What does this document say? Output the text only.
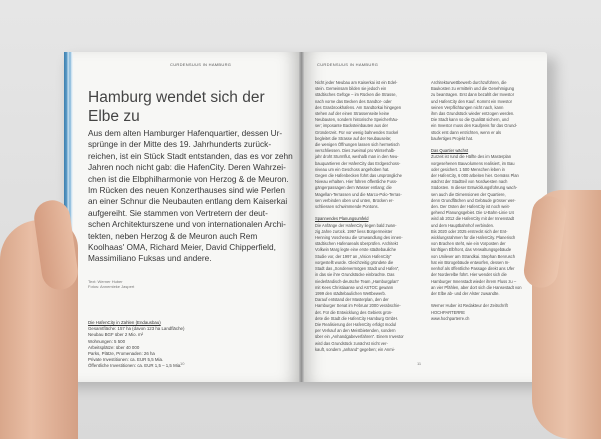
CURDENSUUS IN HAMBURG
Hamburg wendet sich der Elbe zu

Aus dem alten Hamburger Hafenquartier, dessen Ur-
sprünge in der Mitte des 19. Jahrhunderts zurück-
reichen, ist ein Stück Stadt entstanden, das es vor zehn
Jahren noch nicht gab: die HafenCity. Deren Wahrzei-
chen ist die Elbphilharmonie von Herzog & de Meuron.
Im Rücken des neuen Konzerthauses sind wie Perlen
an einer Schnur die Neubauten entlang dem Kaiserkai
aufgereiht. Sie stammen von Vertretern der deut-
schen Architekturszene und von internationalen Archi-
tekten, neben Herzog & de Meuron auch Rem
Koolhaas' OMA, Richard Meier, David Chipperfield,
Massimiliano Fuksas und andere.

Text: Werner Huber
Fotos: Annemieke Jaspert
Die HafenCity in Zahlen (Endausbau)
Gesamtfläche: 157 ha (davon 123 ha Landfläche)
Neubau BGF über 2 Mio. m²
Wohnungen: 5 500
Arbeitsplätze: über 40 000
Parks, Plätze, Promenaden: 26 ha
Private Investitionen: ca. EUR 5,5 Mia.
Öffentliche Investitionen: ca. EUR 1,5 – 1,5 Mia.
10
CURDENSUUS IN HAMBURG
Nicht jeder Neubau am Kaiserkai ist ein Edel-
stein. Gemeinsam bilden sie jedoch ein
städtisches Gefüge – im Rücken die Strasse,
nach vorne das Becken des Sandtor- oder
des Grasbrookhafens. Am Sandtorkai hingegen
stehen auf der einen Strassenseite keine
Neubauten, sondern historische Speicherhäu-
ser; imposante Backsteinbauten aus der
Gründerzeit. Für vor wenig bahnendes Sockel
begleitet die Strasse auf der Neubauseite;
die wenigen Öffnungen lassen sich hermetisch
verschliessen. Dies zweimal pro Winterhalb-
jahr droht Sturmflut, weshalb man in den Neu-
bauquartieren der HafenCity das Erdgeschoss-
niveau um ein Geschoss angehoben hat.
Gegen die Hafenbecken führt das ursprüngliche
Niveau erhalten. Hier führen öffentliche Fuss-
gängerpassagen dem Wasser entlang; die
Magellan-Terrassen und die Marco-Polo-Terras-
sen verbinden oben und unten, Brücken er-
schliessen schwimmende Pontons.

Spannendes Planungsumfeld
Die Anfänge der HafenCity liegen bald zwan-
zig Jahre zurück. 1997 liess Bürgermeister
Henning Voscherau die Umwandlung des innen-
städtischen Hafenareals überprüfen. Architekt
Volkwin Marg legte eine erste städtebauliche
Studie vor, der 1997 an „Vision HafenCity“
vorgestellt wurde. Gleichzeitig gründete die
Stadt das „Sondervermögen Stadt und Hafen“,
in das sie ihre Grundstücke einbrachte. Das
niederländisch-deutsche Team „Hamburgplan“
mit Kees Christiaanse und ASTOC gewann
1999 den städtebaulichen Wettbewerb.
Darauf entstand der Masterplan, den der
Hamburger Senat im Februar 2000 verabschie-
det. Für die Entwicklung des Gebiets grün-
dete die Stadt die HafenCity Hamburg GmbH.
Die Realisierung der HafenCity erfolgt modul
per Verkauf an den Meistbietenden, sondern
über ein „Anhandgabeverfahren“. Einem Investor
wird das Grundstück zunächst nicht ver-
kauft, sondern „anhand“ gegeben; ein Anmi-
Architekturwettbewerb durchzuführen, die
Baukosten zu ermitteln und die Genehmigung
zu beantragen. Erst dann bezahlt der Investor
und HafenCity den Kauf. Kommt ein Investor
seinen Verpflichtungen nicht nach, kann
ihm das Grundstück wieder entzogen werden.
Die Stadt kann so die Qualität sichern, und
ein Investor muss den Kaufpreis für das Grund-
stück erst dann entrichten, wenn er als
baufertiges Projekt hat.

Das Quartier wächst
Zurzeit ist rund die Hälfte des im Masterplan
vorgesehenen Bauvolumens realisiert, im Bau
oder gesichert. 1 500 Menschen leben in
der HafenCity, 6 000 arbeiten hier. Gemäss Plan
wächst der Stadtteil von Nordwesten nach
Südosten. In dieser Entwicklungsführung wach-
sen auch die Dimensionen der Quartiere,
denn Grundflächen und Gebäude grösser wer-
den. Der Osten der HafenCity ist noch weit-
gehend Planungsgebiet. Die U-Bahn-Linie U4
wird ab 2012 die HafenCity mit der Innenstadt
und dem Hauptbahnhof verbinden.
Bis 2020 oder 2025 erstreckt sich der Ent-
wicklungsrahmen für die HafenCity. Planerisch
von Brachen steht, wie ein Vorposten der
künftigen Elbfront, das Verwaltungsgebäude
von Unilever am Strandkai. Stephan Benrusch
hat ein Bürogebäude entworfen, dessen In-
nenhof als öffentliche Passage direkt ans Ufer
der Norderelbe führt. Hier wendet sich die
Hamburger Innenstadt wieder ihrem Fluss zu –
an vier Pfählen, aber dort sich die Hansestadt von
der Elbe ab- und der Alster zuwandte.

Werner Huber ist Redakteur der Zeitschrift HOCHPARTERRE
www.hochparterre.ch
11
